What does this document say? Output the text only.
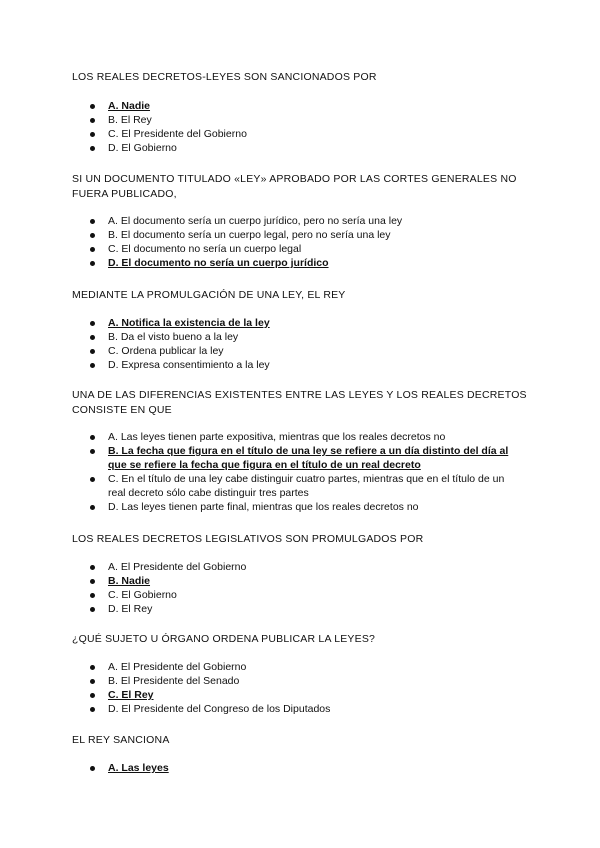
LOS REALES DECRETOS-LEYES SON SANCIONADOS POR

A. Nadie
B. El Rey
C. El Presidente del Gobierno
D. El Gobierno

SI UN DOCUMENTO TITULADO «LEY» APROBADO POR LAS CORTES GENERALES NO FUERA PUBLICADO,

A. El documento sería un cuerpo jurídico, pero no sería una ley
B. El documento sería un cuerpo legal, pero no sería una ley
C. El documento no sería un cuerpo legal
D. El documento no sería un cuerpo jurídico

MEDIANTE LA PROMULGACIÓN DE UNA LEY, EL REY

A. Notifica la existencia de la ley
B. Da el visto bueno a la ley
C. Ordena publicar la ley
D. Expresa consentimiento a la ley

UNA DE LAS DIFERENCIAS EXISTENTES ENTRE LAS LEYES Y LOS REALES DECRETOS CONSISTE EN QUE

A. Las leyes tienen parte expositiva, mientras que los reales decretos no
B. La fecha que figura en el título de una ley se refiere a un día distinto del día al que se refiere la fecha que figura en el título de un real decreto
C. En el título de una ley cabe distinguir cuatro partes, mientras que en el título de un real decreto sólo cabe distinguir tres partes
D. Las leyes tienen parte final, mientras que los reales decretos no

LOS REALES DECRETOS LEGISLATIVOS SON PROMULGADOS POR

A. El Presidente del Gobierno
B. Nadie
C. El Gobierno
D. El Rey

¿QUÉ SUJETO U ÓRGANO ORDENA PUBLICAR LA LEYES?

A. El Presidente del Gobierno
B. El Presidente del Senado
C. El Rey
D. El Presidente del Congreso de los Diputados

EL REY SANCIONA

A. Las leyes
